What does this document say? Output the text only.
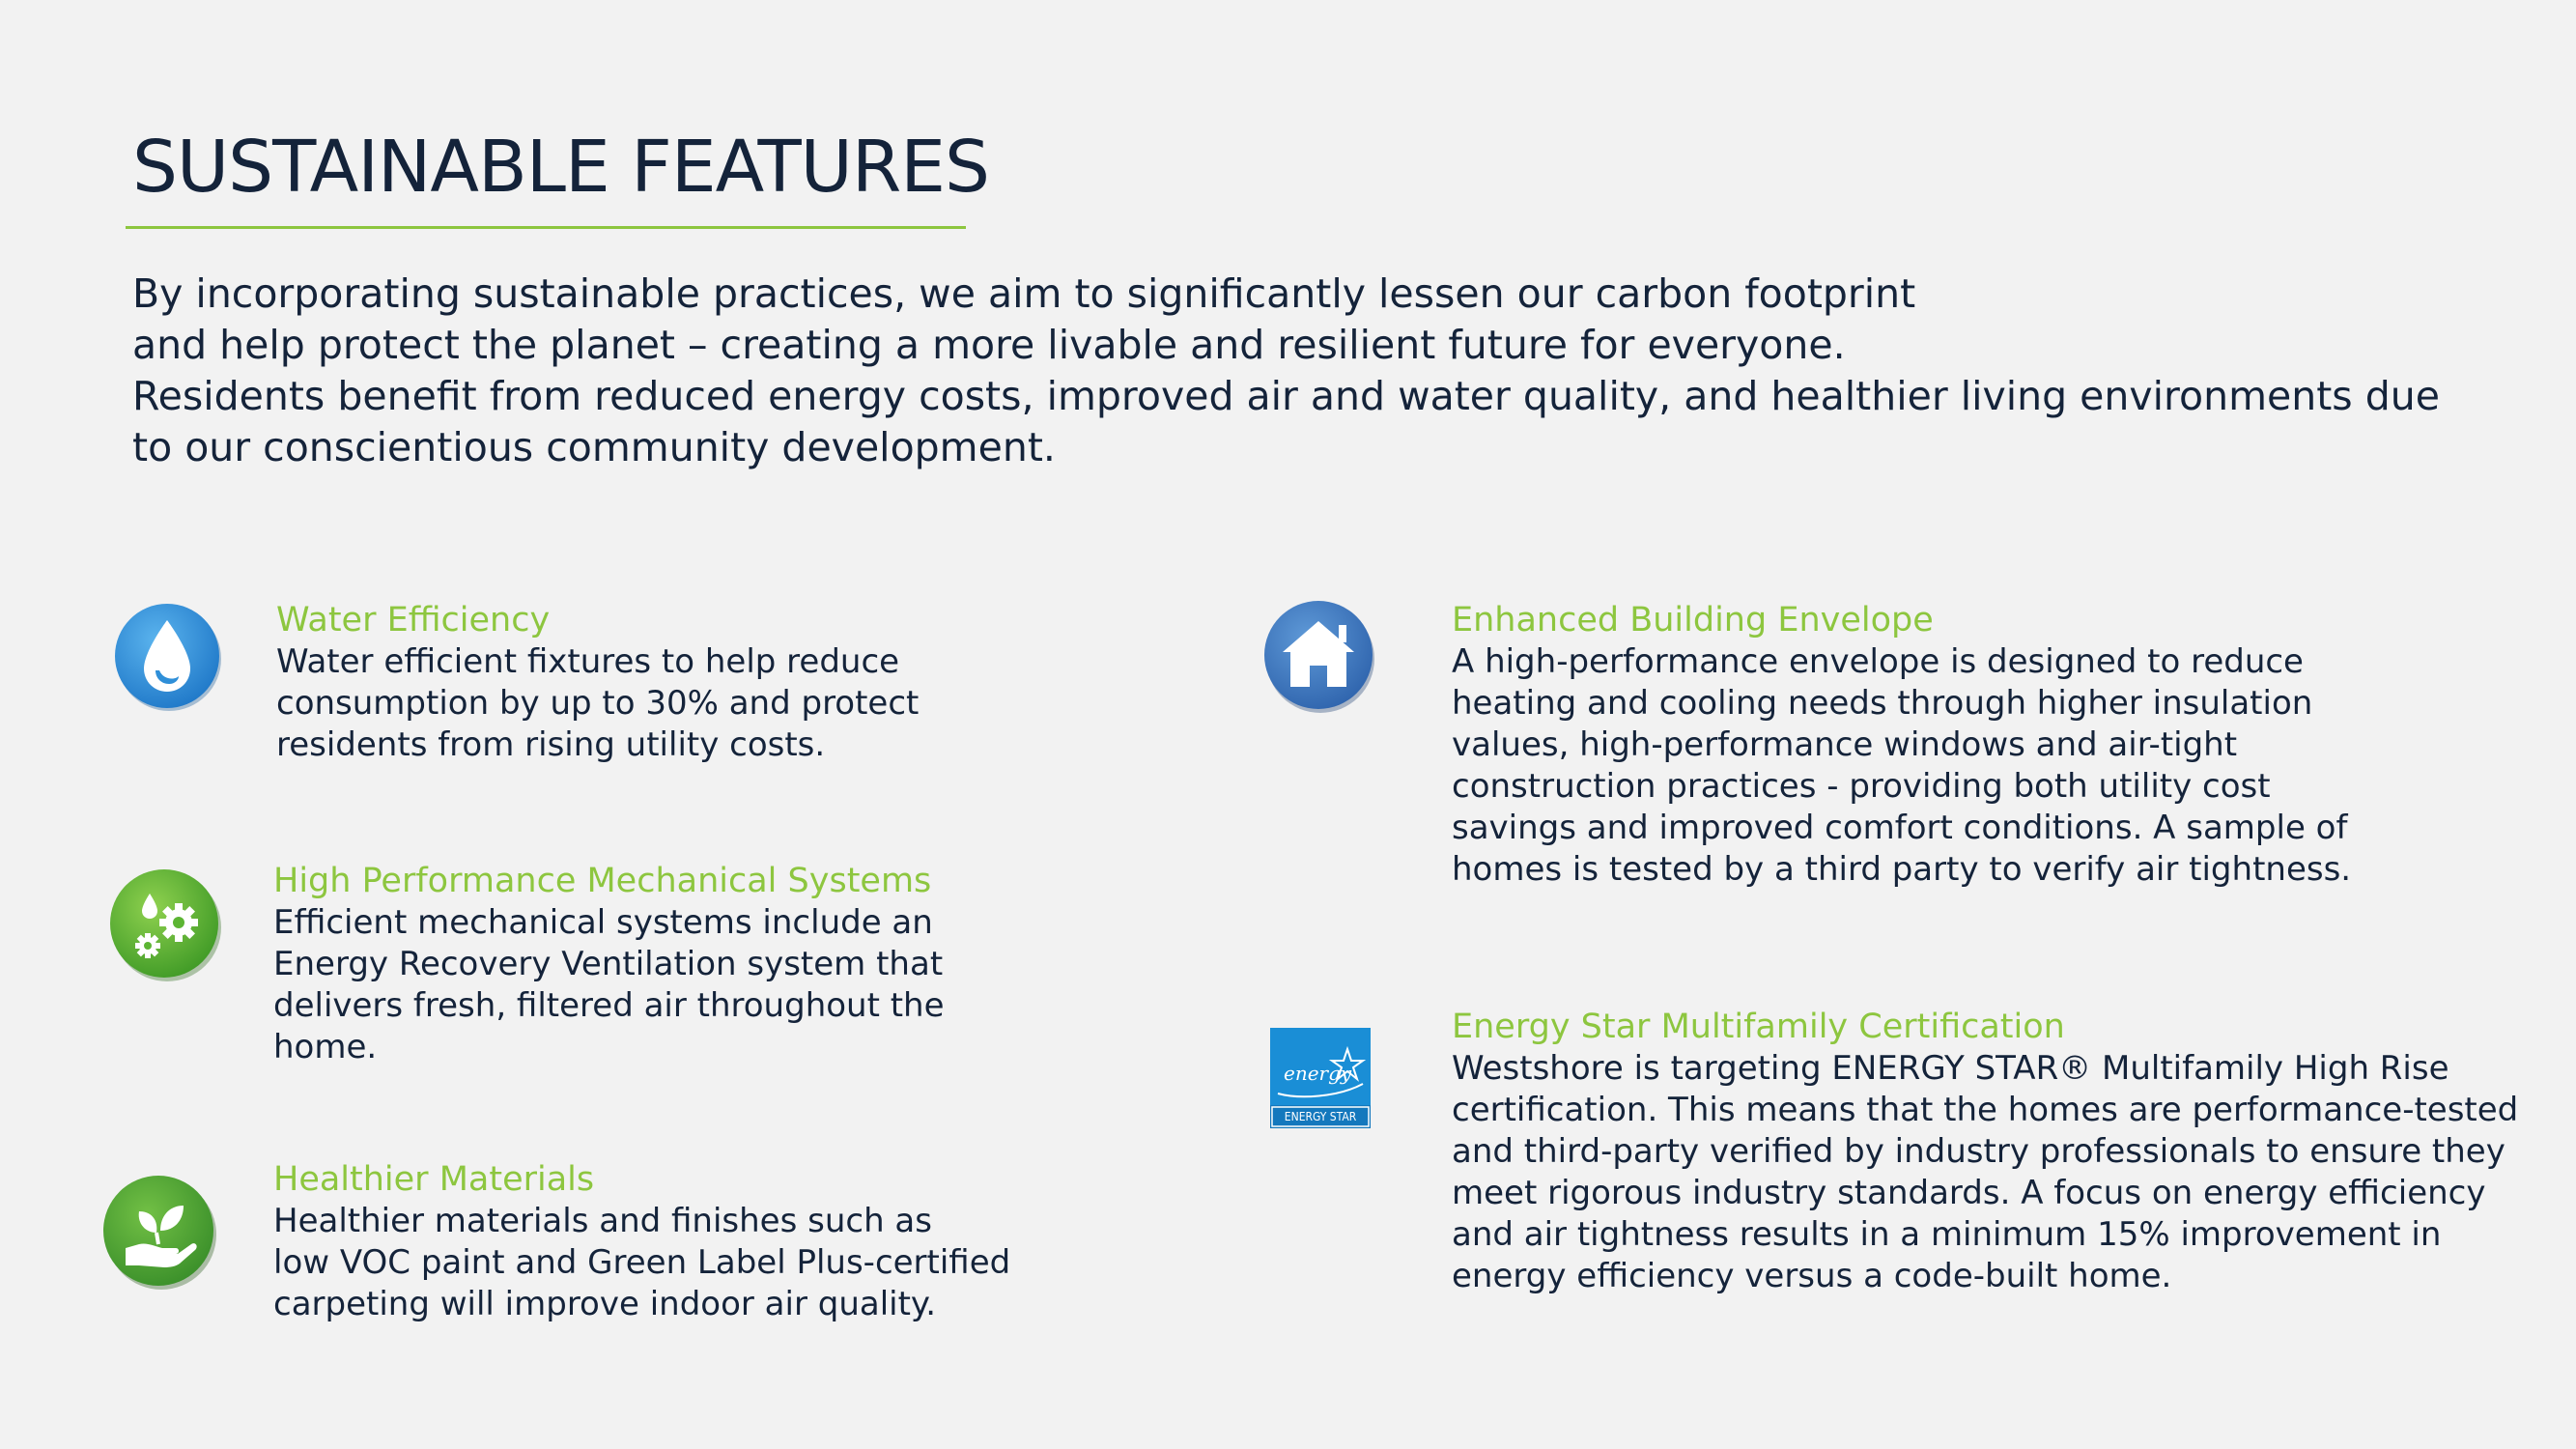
SUSTAINABLE FEATURES

By incorporating sustainable practices, we aim to significantly lessen our carbon footprint

and help protect the planet – creating a more livable and resilient future for everyone.

Residents benefit from reduced energy costs, improved air and water quality, and healthier living environments due

to our conscientious community development.

energy
ENERGY STAR
Water Efficiency
Water efficient fixtures to help reduce
consumption by up to 30% and protect
residents from rising utility costs.
High Performance Mechanical Systems
Efficient mechanical systems include an
Energy Recovery Ventilation system that
delivers fresh, filtered air throughout the
home.
Healthier Materials
Healthier materials and finishes such as
low VOC paint and Green Label Plus-certified
carpeting will improve indoor air quality.
Enhanced Building Envelope
A high-performance envelope is designed to reduce
heating and cooling needs through higher insulation
values, high-performance windows and air-tight
construction practices - providing both utility cost
savings and improved comfort conditions. A sample of
homes is tested by a third party to verify air tightness.
Energy Star Multifamily Certification
Westshore is targeting ENERGY STAR® Multifamily High Rise
certification. This means that the homes are performance-tested
and third-party verified by industry professionals to ensure they
meet rigorous industry standards. A focus on energy efficiency
and air tightness results in a minimum 15% improvement in
energy efficiency versus a code-built home.
